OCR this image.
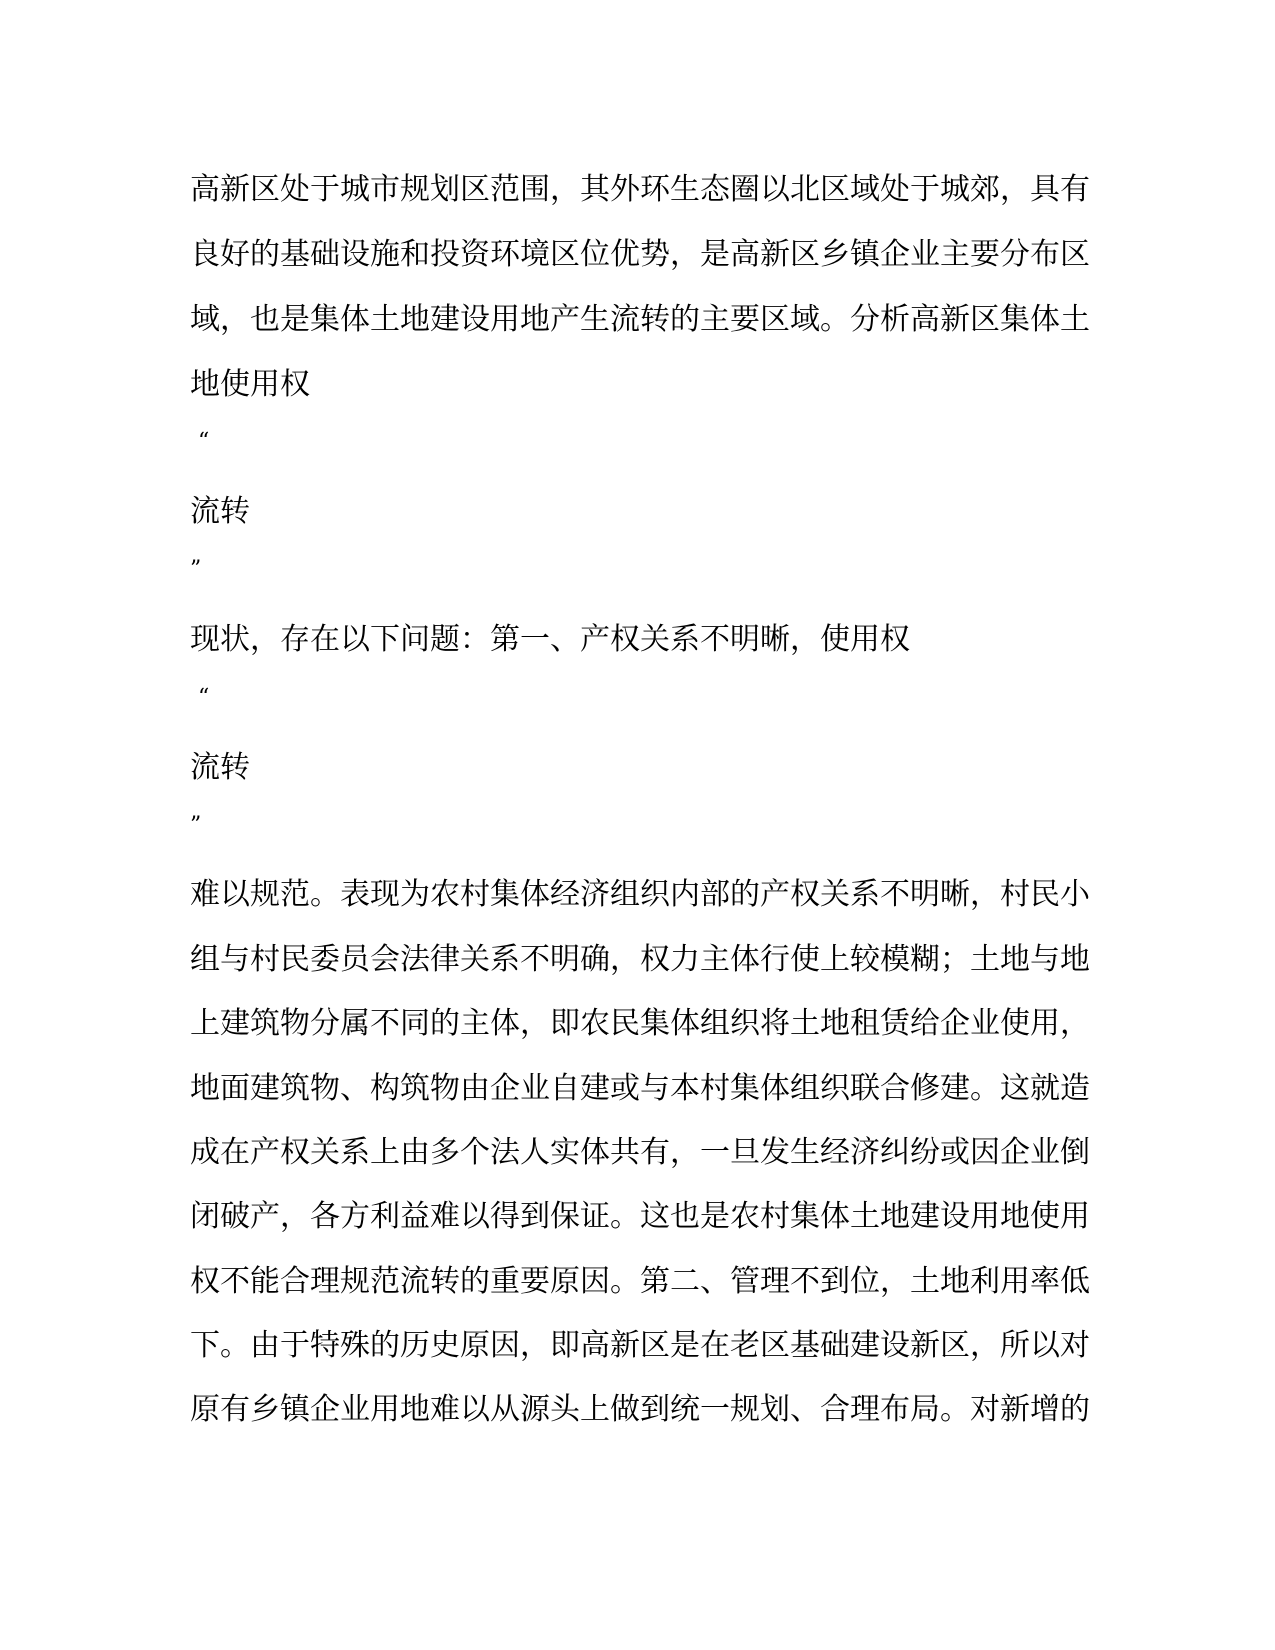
高新区处于城市规划区范围，其外环生态圈以北区域处于城郊，具有
良好的基础设施和投资环境区位优势，是高新区乡镇企业主要分布区
域，也是集体土地建设用地产生流转的主要区域。分析高新区集体土
地使用权
“
流转
”
现状，存在以下问题：第一、产权关系不明晰，使用权
“
流转
”
难以规范。表现为农村集体经济组织内部的产权关系不明晰，村民小
组与村民委员会法律关系不明确，权力主体行使上较模糊；土地与地
上建筑物分属不同的主体，即农民集体组织将土地租赁给企业使用，
地面建筑物、构筑物由企业自建或与本村集体组织联合修建。这就造
成在产权关系上由多个法人实体共有，一旦发生经济纠纷或因企业倒
闭破产，各方利益难以得到保证。这也是农村集体土地建设用地使用
权不能合理规范流转的重要原因。第二、管理不到位，土地利用率低
下。由于特殊的历史原因，即高新区是在老区基础建设新区，所以对
原有乡镇企业用地难以从源头上做到统一规划、合理布局。对新增的
